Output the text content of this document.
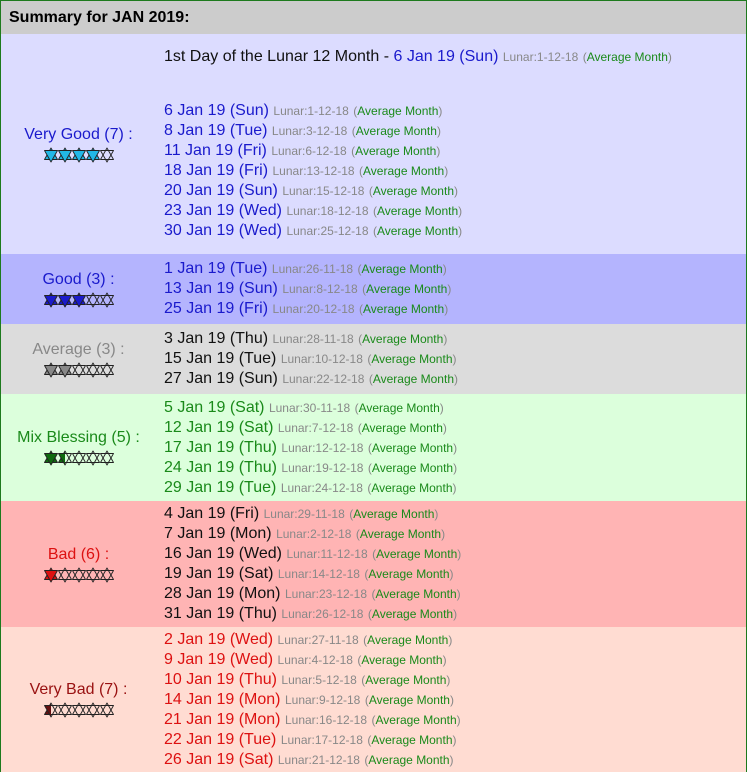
Summary for JAN 2019:
Very Good (7) :
1st Day of the Lunar 12 Month - 6 Jan 19 (Sun) Lunar:1-12-18 (Average Month)
6 Jan 19 (Sun) Lunar:1-12-18 (Average Month)
8 Jan 19 (Tue) Lunar:3-12-18 (Average Month)
11 Jan 19 (Fri) Lunar:6-12-18 (Average Month)
18 Jan 19 (Fri) Lunar:13-12-18 (Average Month)
20 Jan 19 (Sun) Lunar:15-12-18 (Average Month)
23 Jan 19 (Wed) Lunar:18-12-18 (Average Month)
30 Jan 19 (Wed) Lunar:25-12-18 (Average Month)
Good (3) :
1 Jan 19 (Tue) Lunar:26-11-18 (Average Month)
13 Jan 19 (Sun) Lunar:8-12-18 (Average Month)
25 Jan 19 (Fri) Lunar:20-12-18 (Average Month)
Average (3) :
3 Jan 19 (Thu) Lunar:28-11-18 (Average Month)
15 Jan 19 (Tue) Lunar:10-12-18 (Average Month)
27 Jan 19 (Sun) Lunar:22-12-18 (Average Month)
Mix Blessing (5) :
5 Jan 19 (Sat) Lunar:30-11-18 (Average Month)
12 Jan 19 (Sat) Lunar:7-12-18 (Average Month)
17 Jan 19 (Thu) Lunar:12-12-18 (Average Month)
24 Jan 19 (Thu) Lunar:19-12-18 (Average Month)
29 Jan 19 (Tue) Lunar:24-12-18 (Average Month)
Bad (6) :
4 Jan 19 (Fri) Lunar:29-11-18 (Average Month)
7 Jan 19 (Mon) Lunar:2-12-18 (Average Month)
16 Jan 19 (Wed) Lunar:11-12-18 (Average Month)
19 Jan 19 (Sat) Lunar:14-12-18 (Average Month)
28 Jan 19 (Mon) Lunar:23-12-18 (Average Month)
31 Jan 19 (Thu) Lunar:26-12-18 (Average Month)
Very Bad (7) :
2 Jan 19 (Wed) Lunar:27-11-18 (Average Month)
9 Jan 19 (Wed) Lunar:4-12-18 (Average Month)
10 Jan 19 (Thu) Lunar:5-12-18 (Average Month)
14 Jan 19 (Mon) Lunar:9-12-18 (Average Month)
21 Jan 19 (Mon) Lunar:16-12-18 (Average Month)
22 Jan 19 (Tue) Lunar:17-12-18 (Average Month)
26 Jan 19 (Sat) Lunar:21-12-18 (Average Month)
